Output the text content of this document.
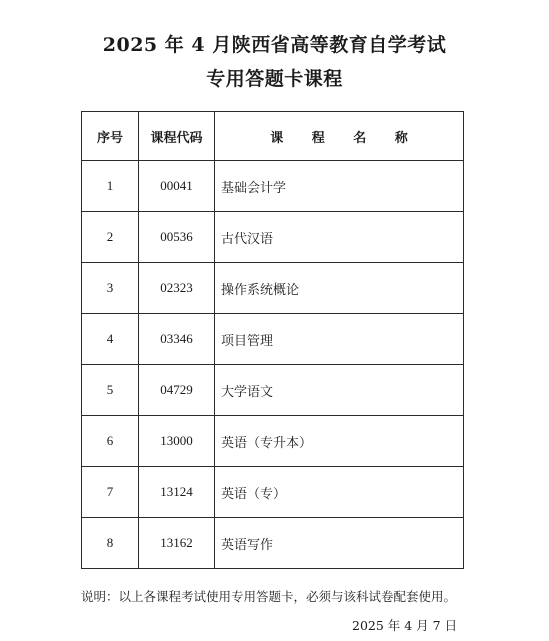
2025 年 4 月陕西省高等教育自学考试
专用答题卡课程
序号	课程代码	课 程 名 称
1	00041	基础会计学
2	00536	古代汉语
3	02323	操作系统概论
4	03346	项目管理
5	04729	大学语文
6	13000	英语（专升本）
7	13124	英语（专）
8	13162	英语写作
说明：以上各课程考试使用专用答题卡，必须与该科试卷配套使用。
2025 年 4 月 7 日
